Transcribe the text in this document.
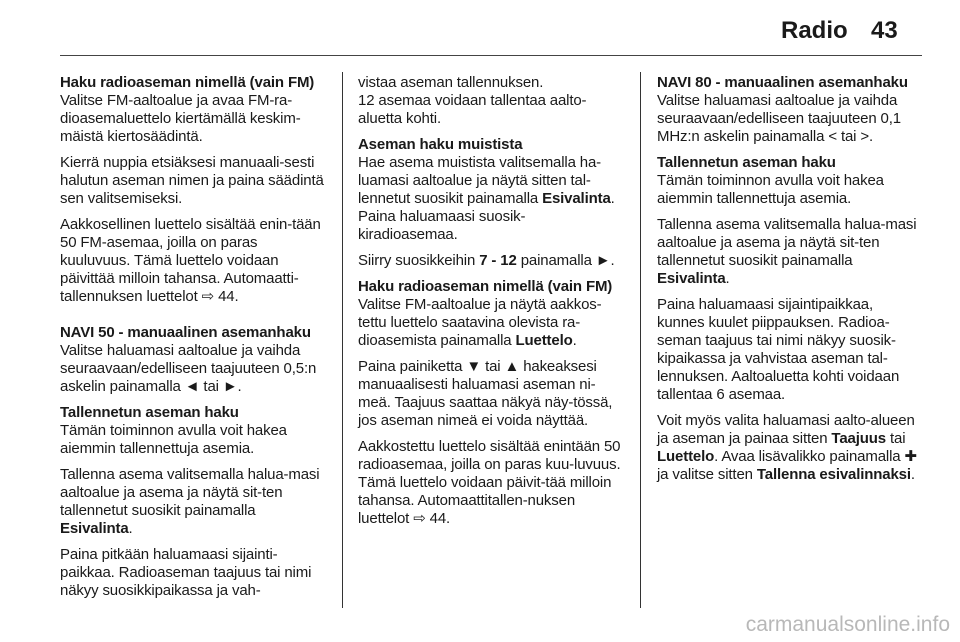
Radio 43

Haku radioaseman nimellä (vain FM)
Valitse FM-aaltoalue ja avaa FM-ra-dioasemaluettelo kiertämällä keskim-mäistä kiertosäädintä.

Kierrä nuppia etsiäksesi manuaali-sesti halutun aseman nimen ja paina säädintä sen valitsemiseksi.

Aakkosellinen luettelo sisältää enin-tään 50 FM-asemaa, joilla on paras kuuluvuus. Tämä luettelo voidaan päivittää milloin tahansa. Automaatti-tallennuksen luettelot ⇨ 44.

NAVI 50 - manuaalinen asemanhaku
Valitse haluamasi aaltoalue ja vaihda seuraavaan/edelliseen taajuuteen 0,5:n askelin painamalla ◄ tai ►.

Tallennetun aseman haku
Tämän toiminnon avulla voit hakea aiemmin tallennettuja asemia.

Tallenna asema valitsemalla halua-masi aaltoalue ja asema ja näytä sit-ten tallennetut suosikit painamalla Esivalinta.

Paina pitkään haluamaasi sijainti-paikkaa. Radioaseman taajuus tai nimi näkyy suosikkipaikassa ja vah-

vistaa aseman tallennuksen.

12 asemaa voidaan tallentaa aalto-aluetta kohti.

Aseman haku muistista
Hae asema muistista valitsemalla ha-luamasi aaltoalue ja näytä sitten tal-lennetut suosikit painamalla Esivalinta. Paina haluamaasi suosik-kiradioasemaa.

Siirry suosikkeihin 7 - 12 painamalla ►.

Haku radioaseman nimellä (vain FM)
Valitse FM-aaltoalue ja näytä aakkos-tettu luettelo saatavina olevista ra-dioasemista painamalla Luettelo.

Paina painiketta ▼ tai ▲ hakeaksesi manuaalisesti haluamasi aseman ni-meä. Taajuus saattaa näkyä näy-tössä, jos aseman nimeä ei voida näyttää.

Aakkostettu luettelo sisältää enintään 50 radioasemaa, joilla on paras kuu-luvuus. Tämä luettelo voidaan päivit-tää milloin tahansa. Automaattitallen-nuksen luettelot ⇨ 44.

NAVI 80 - manuaalinen asemanhaku
Valitse haluamasi aaltoalue ja vaihda seuraavaan/edelliseen taajuuteen 0,1 MHz:n askelin painamalla < tai >.

Tallennetun aseman haku
Tämän toiminnon avulla voit hakea aiemmin tallennettuja asemia.

Tallenna asema valitsemalla halua-masi aaltoalue ja asema ja näytä sit-ten tallennetut suosikit painamalla Esivalinta.

Paina haluamaasi sijaintipaikkaa, kunnes kuulet piippauksen. Radioa-seman taajuus tai nimi näkyy suosik-kipaikassa ja vahvistaa aseman tal-lennuksen. Aaltoaluetta kohti voidaan tallentaa 6 asemaa.

Voit myös valita haluamasi aalto-alueen ja aseman ja painaa sitten Taajuus tai Luettelo. Avaa lisävalikko painamalla ✚ ja valitse sitten Tallenna esivalinnaksi.

carmanualsonline.info
